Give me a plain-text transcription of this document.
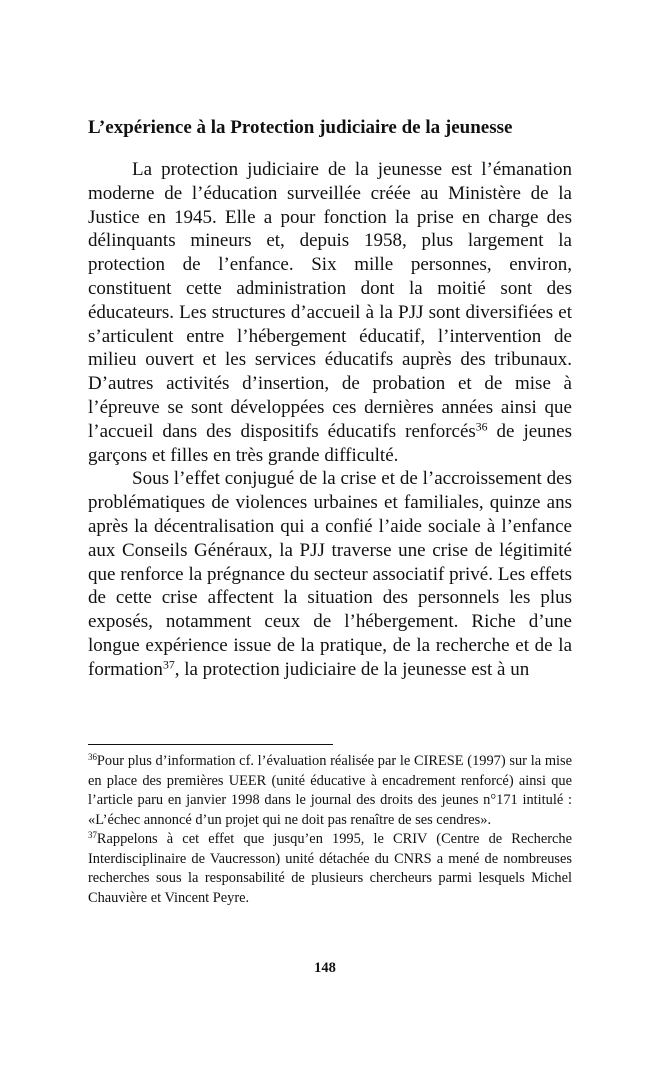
L’expérience à la Protection judiciaire de la jeunesse

La protection judiciaire de la jeunesse est l’émanation moderne de l’éducation surveillée créée au Ministère de la Justice en 1945. Elle a pour fonction la prise en charge des délinquants mineurs et, depuis 1958, plus largement la protection de l’enfance. Six mille personnes, environ, constituent cette administration dont la moitié sont des éducateurs. Les structures d’accueil à la PJJ sont diversifiées et s’articulent entre l’hébergement éducatif, l’intervention de milieu ouvert et les services éducatifs auprès des tribunaux. D’autres activités d’insertion, de probation et de mise à l’épreuve se sont développées ces dernières années ainsi que l’accueil dans des dispositifs éducatifs renforcés$^{36}$ de jeunes garçons et filles en très grande difficulté.

Sous l’effet conjugué de la crise et de l’accroissement des problématiques de violences urbaines et familiales, quinze ans après la décentralisation qui a confié l’aide sociale à l’enfance aux Conseils Généraux, la PJJ traverse une crise de légitimité que renforce la prégnance du secteur associatif privé. Les effets de cette crise affectent la situation des personnels les plus exposés, notamment ceux de l’hébergement. Riche d’une longue expérience issue de la pratique, de la recherche et de la formation$^{37}$, la protection judiciaire de la jeunesse est à un

$^{36}$Pour plus d’information cf. l’évaluation réalisée par le CIRESE (1997) sur la mise en place des premières UEER (unité éducative à encadrement renforcé) ainsi que l’article paru en janvier 1998 dans le journal des droits des jeunes n°171 intitulé : «L’échec annoncé d’un projet qui ne doit pas renaître de ses cendres».

$^{37}$Rappelons à cet effet que jusqu’en 1995, le CRIV (Centre de Recherche Interdisciplinaire de Vaucresson) unité détachée du CNRS a mené de nombreuses recherches sous la responsabilité de plusieurs chercheurs parmi lesquels Michel Chauvière et Vincent Peyre.

148
